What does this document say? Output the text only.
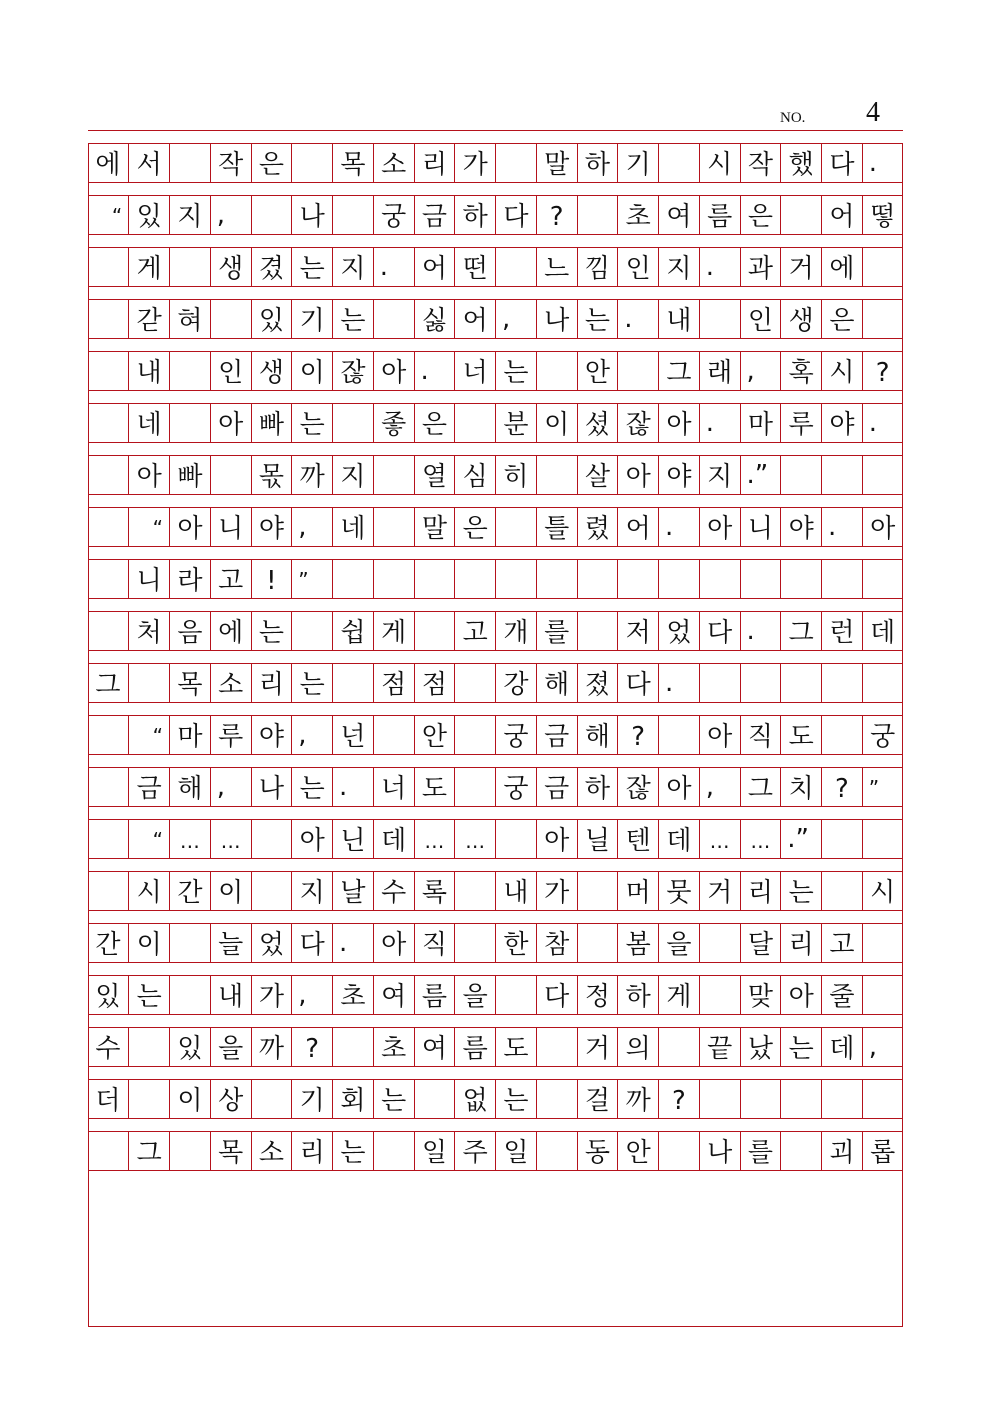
NO. 4
에 서	작 은	목 소 리 가	말 하 기	시 작 했 다 .
“ 있 지 ,	나	궁 금 하 다 ?	초 여 름 은	어 떻
게	생 겼 는 지 .	어 떤	느 낌 인 지 .	과 거 에
갇 혀	있 기 는	싫 어 ,	나 는 .	내	인 생 은
내	인 생 이 잖 아 .	너 는	안	그 래 ,	혹 시 ?
네	아 빠 는	좋 은	분 이 셨 잖 아 .	마 루 야 .
아 빠	몫 까 지	열 심 히	살 아 야 지 .”
“ 아 니 야 ,	네	말 은	틀 렸 어 .	아 니 야 .	아
니 라 고 !	”
처 음 에 는	쉽 게	고 개 를	저 었 다 .	그 런 데
그	목 소 리 는	점 점	강 해 졌 다 .
“ 마 루 야 ,	넌	안	궁 금 해 ?	아 직 도	궁
금 해 ,	나 는 .	너 도	궁 금 하 잖 아 ,	그 치 ? ”
“ …	…	아 닌 데 …	…	아 닐 텐 데 …	… .”
시 간 이	지 날 수 록	내 가	머 뭇 거 리 는	시
간 이	늘 었 다 .	아 직	한 참	봄 을	달 리 고
있 는	내 가 ,	초 여 름 을	다 정 하 게	맞 아 줄
수	있 을 까 ?	초 여 름 도	거 의	끝 났 는 데 ,
더	이 상	기 회 는	없 는	걸 까 ?
그	목 소 리 는	일 주 일	동 안	나 를	괴 롭
